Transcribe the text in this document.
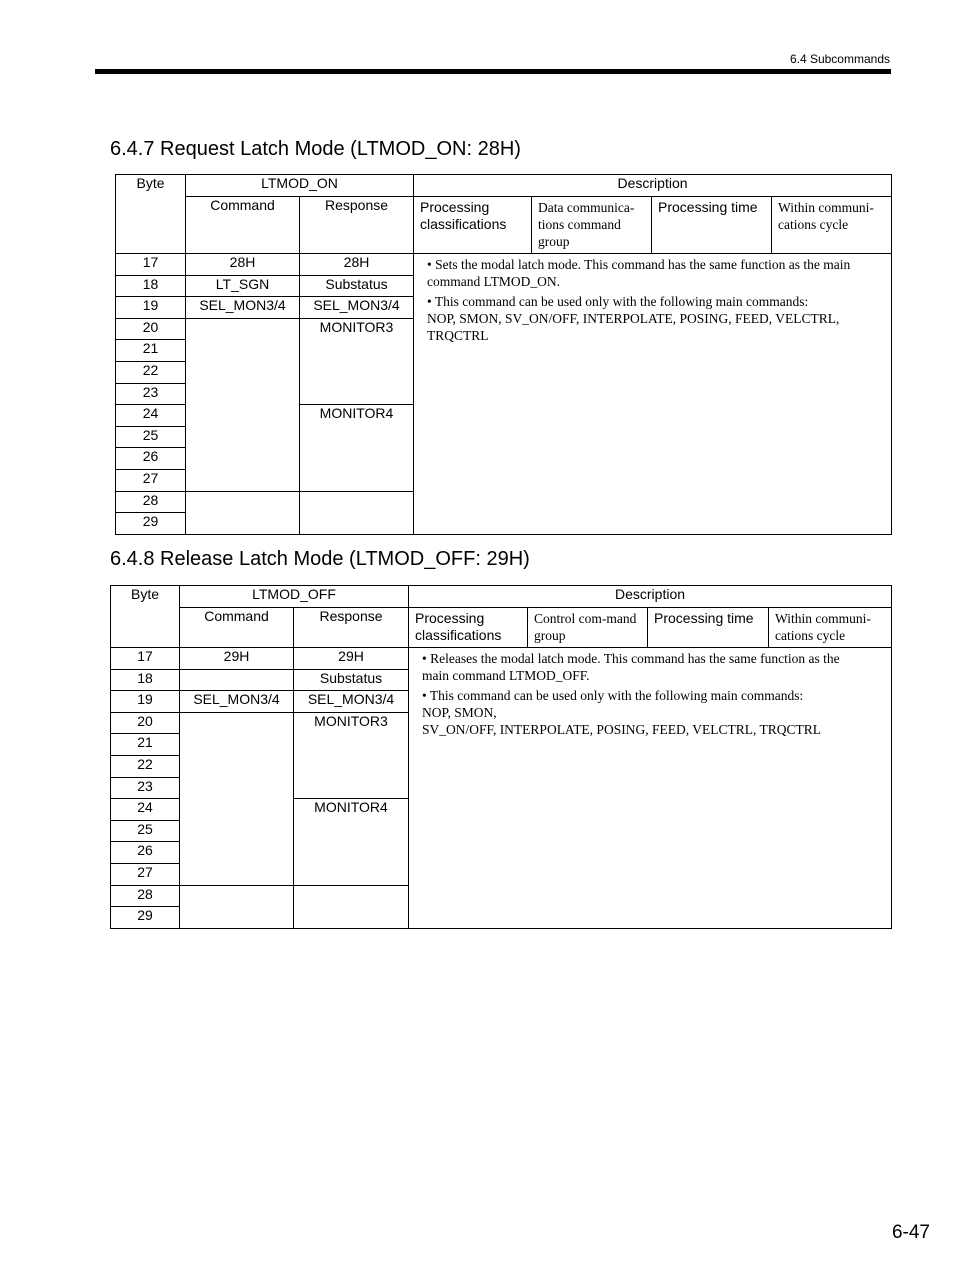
6.4 Subcommands
6.4.7 Request Latch Mode (LTMOD_ON: 28H)
Byte	LTMOD_ON		Description			
	Command	Response	Processing classifications	Data communica-tions command group	Processing time	Within communi-cations cycle
17	28H	28H	• Sets the modal latch mode. This command has the same function as the main
command LTMOD_ON.
• This command can be used only with the following main commands:
NOP, SMON, SV_ON/OFF, INTERPOLATE, POSING, FEED, VELCTRL,
TRQCTRL			

18	LT_SGN	Substatus				
19	SEL_MON3/4	SEL_MON3/4				
20		MONITOR3				
21						
22						
23						
24		MONITOR4				
25						
26						
27						
28						
29						
6.4.8 Release Latch Mode (LTMOD_OFF: 29H)
Byte	LTMOD_OFF		Description			
	Command	Response	Processing classifications	Control com-mand group	Processing time	Within communi-cations cycle
17	29H	29H	• Releases the modal latch mode. This command has the same function as the
main command LTMOD_OFF.
• This command can be used only with the following main commands:
NOP, SMON,
SV_ON/OFF, INTERPOLATE, POSING, FEED, VELCTRL, TRQCTRL			

18		Substatus				
19	SEL_MON3/4	SEL_MON3/4				
20		MONITOR3				
21						
22						
23						
24		MONITOR4				
25						
26						
27						
28						
29						
6-47
